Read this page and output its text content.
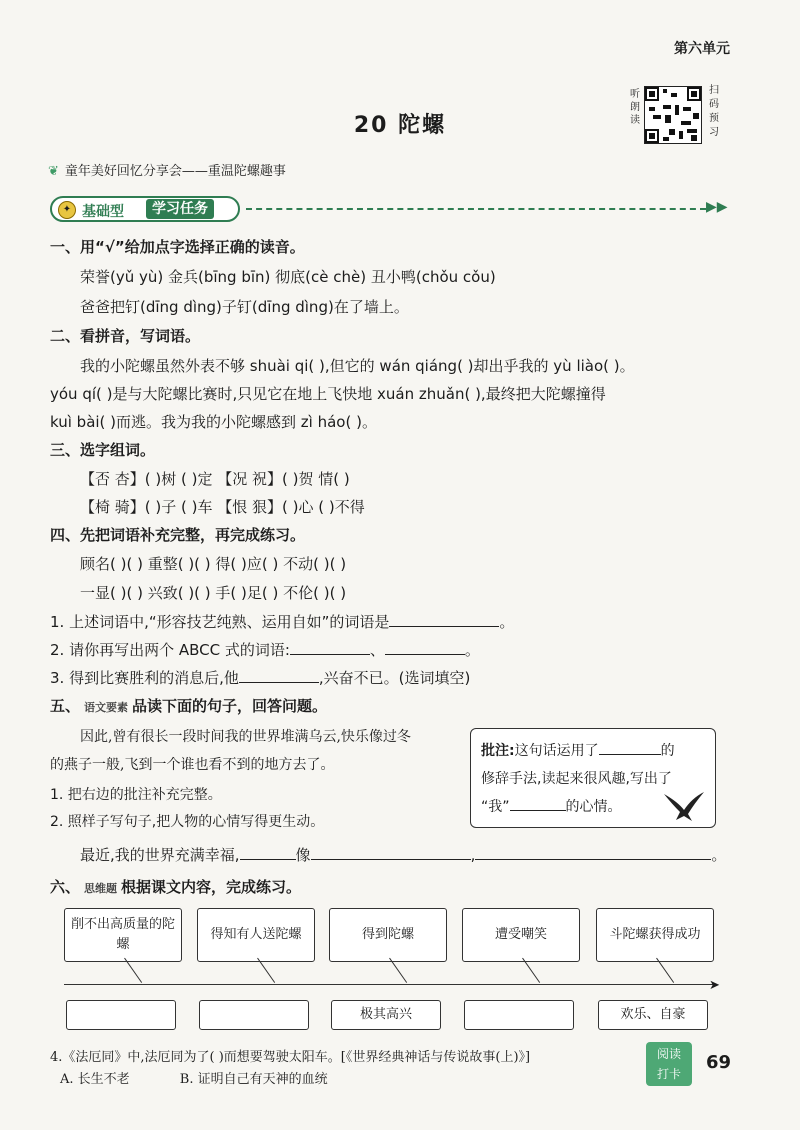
第六单元
听朗读
扫码预习
20 陀螺
❦ 童年美好回忆分享会——重温陀螺趣事
✦ 基础型	学习任务	▶▶
一、用“√”给加点字选择正确的读音。
荣誉(yǔ yù) 金兵(bīng bīn) 彻底(cè chè) 丑小鸭(chǒu cǒu)
爸爸把钉(dīng dìng)子钉(dīng dìng)在了墙上。
二、看拼音，写词语。
我的小陀螺虽然外表不够 shuài qi( ),但它的 wán qiáng( )却出乎我的 yù liào( )。
yóu qí( )是与大陀螺比赛时,只见它在地上飞快地 xuán zhuǎn( ),最终把大陀螺撞得
kuì bài( )而逃。我为我的小陀螺感到 zì háo( )。
三、选字组词。
【否 杏】( )树 ( )定 【况 祝】( )贺 情( )
【椅 骑】( )子 ( )车 【恨 狠】( )心 ( )不得
四、先把词语补充完整，再完成练习。
顾名( )( ) 重整( )( ) 得( )应( ) 不动( )( )
一显( )( ) 兴致( )( ) 手( )足( ) 不伦( )( )
1. 上述词语中,“形容技艺纯熟、运用自如”的词语是	。
2. 请你再写出两个 ABCC 式的词语:	、	。
3. 得到比赛胜利的消息后,他	,兴奋不已。(选词填空)
五、 语文要素 品读下面的句子，回答问题。
因此,曾有很长一段时间我的世界堆满乌云,快乐像过冬
的燕子一般,飞到一个谁也看不到的地方去了。
1. 把右边的批注补充完整。
2. 照样子写句子,把人物的心情写得更生动。
批注:这句话运用了	的
修辞手法,读起来很风趣,写出了
“我”	的心情。
最近,我的世界充满幸福,	像	,	。
六、 思维题 根据课文内容，完成练习。
➤
削不出高质量的陀螺
得知有人送陀螺	得到陀螺	遭受嘲笑	斗陀螺获得成功
极其高兴	欢乐、自豪
4.《法厄同》中,法厄同为了( )而想要驾驶太阳车。[《世界经典神话与传说故事(上)》]
A. 长生不老	B. 证明自己有天神的血统
阅读
打卡
69
